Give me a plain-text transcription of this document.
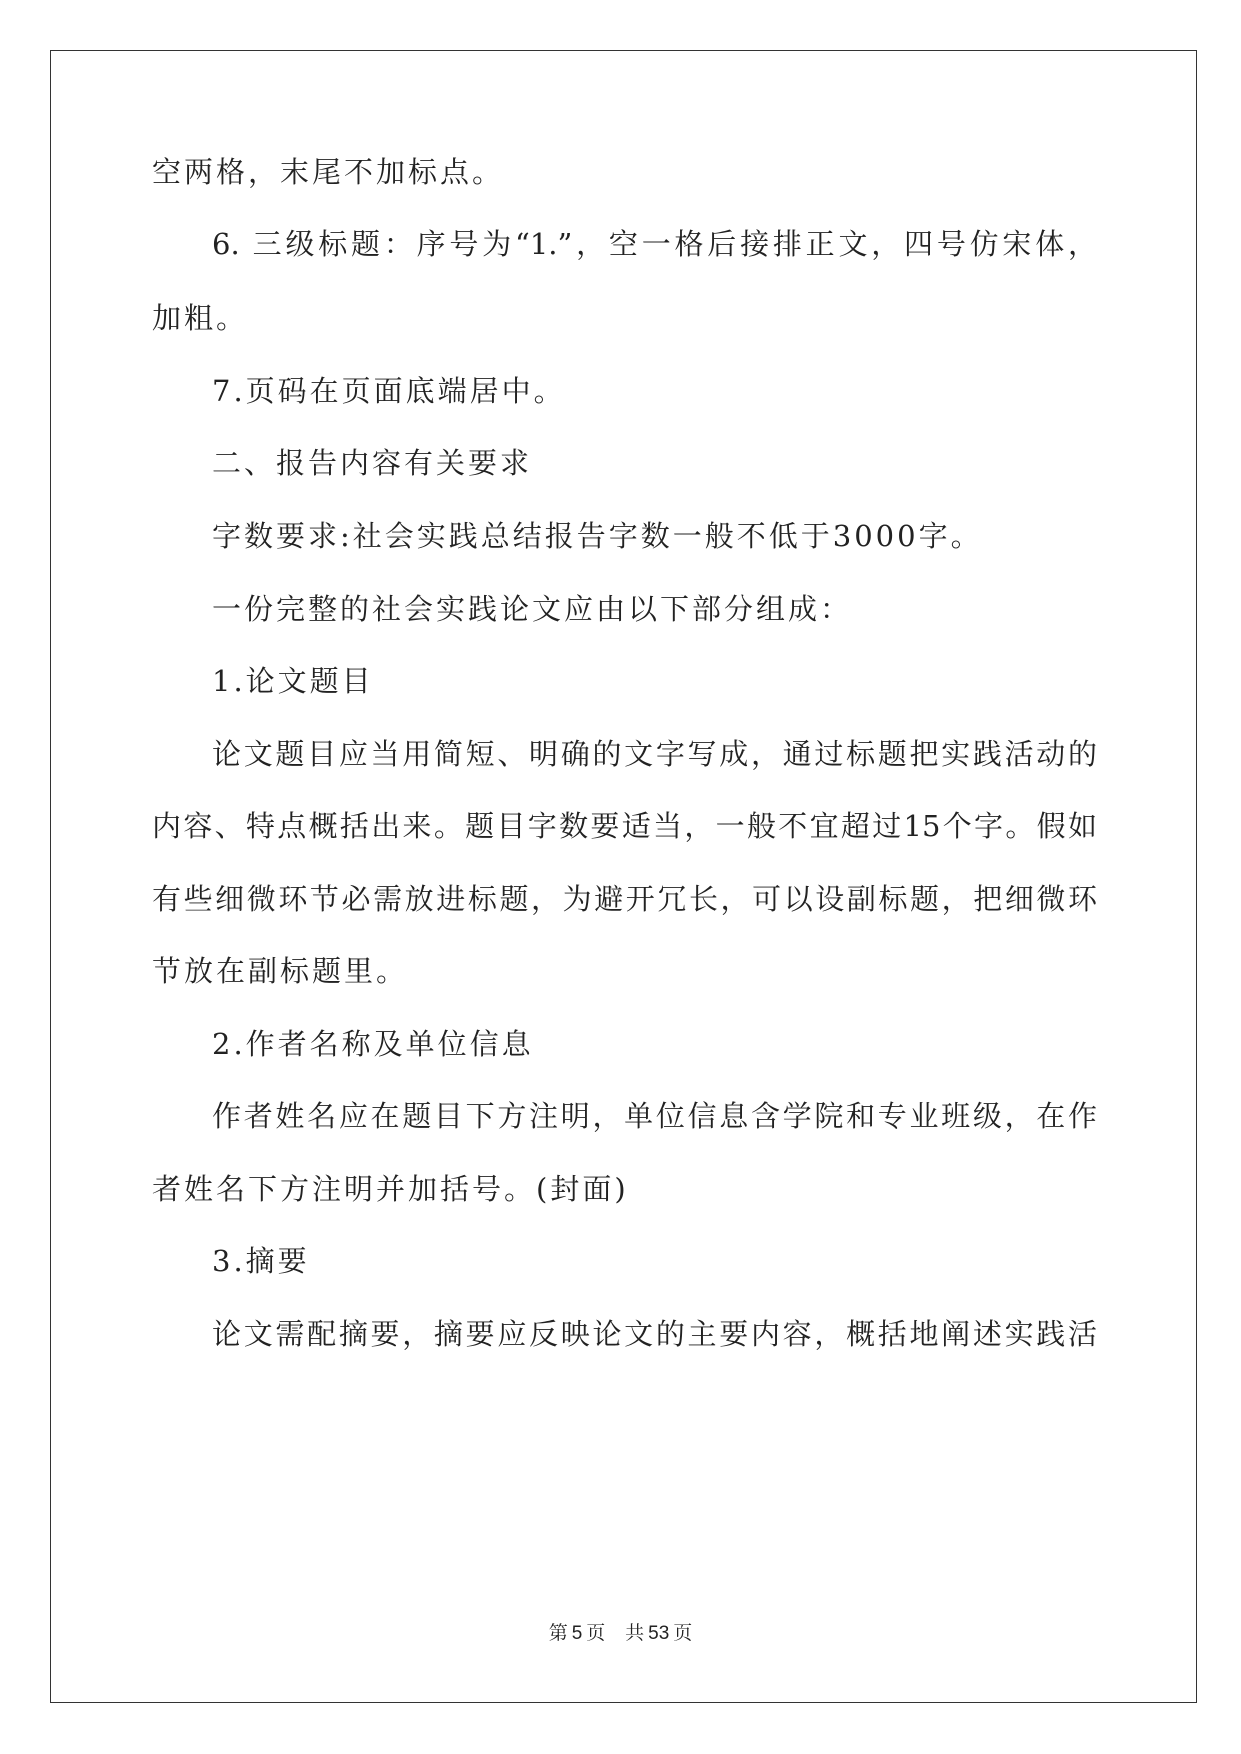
空两格，末尾不加标点。
6. 三级标题：序号为“1.”，空一格后接排正文，四号仿宋体，
加粗。
7.页码在页面底端居中。
二、报告内容有关要求
字数要求:社会实践总结报告字数一般不低于3000字。
一份完整的社会实践论文应由以下部分组成：
1.论文题目
论文题目应当用简短、明确的文字写成，通过标题把实践活动的
内容、特点概括出来。题目字数要适当，一般不宜超过15个字。假如
有些细微环节必需放进标题，为避开冗长，可以设副标题，把细微环
节放在副标题里。
2.作者名称及单位信息
作者姓名应在题目下方注明，单位信息含学院和专业班级，在作
者姓名下方注明并加括号。(封面)
3.摘要
论文需配摘要，摘要应反映论文的主要内容，概括地阐述实践活
第 5 页 共 53 页
